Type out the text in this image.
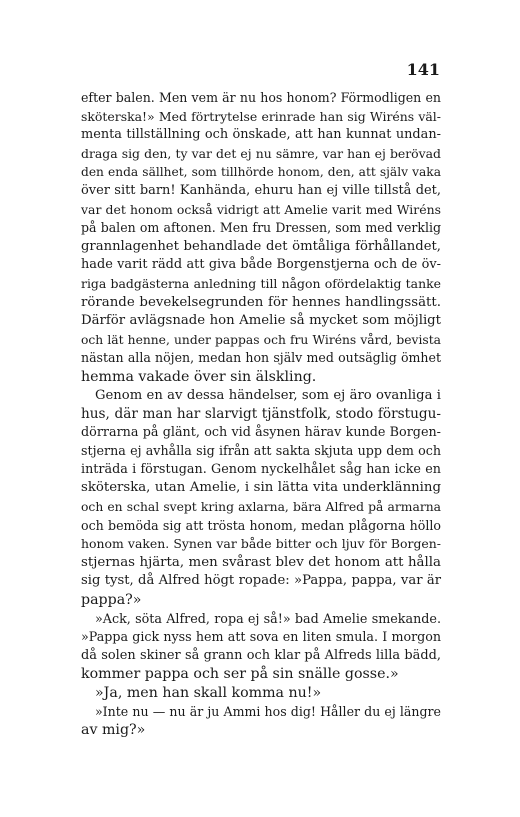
141
efter balen. Men vem är nu hos honom? Förmodligen en
sköterska!» Med förtrytelse erinrade han sig Wiréns väl-
menta tillställning och önskade, att han kunnat undan-
draga sig den, ty var det ej nu sämre, var han ej berövad
den enda sällhet, som tillhörde honom, den, att själv vaka
över sitt barn! Kanhända, ehuru han ej ville tillstå det,
var det honom också vidrigt att Amelie varit med Wiréns
på balen om aftonen. Men fru Dressen, som med verklig
grannlagenhet behandlade det ömtåliga förhållandet,
hade varit rädd att giva både Borgenstjerna och de öv-
riga badgästerna anledning till någon ofördelaktig tanke
rörande bevekelsegrunden för hennes handlingssätt.
Därför avlägsnade hon Amelie så mycket som möjligt
och lät henne, under pappas och fru Wiréns vård, bevista
nästan alla nöjen, medan hon själv med outsäglig ömhet
hemma vakade över sin älskling.
Genom en av dessa händelser, som ej äro ovanliga i
hus, där man har slarvigt tjänstfolk, stodo förstugu-
dörrarna på glänt, och vid åsynen härav kunde Borgen-
stjerna ej avhålla sig ifrån att sakta skjuta upp dem och
inträda i förstugan. Genom nyckelhålet såg han icke en
sköterska, utan Amelie, i sin lätta vita underklänning
och en schal svept kring axlarna, bära Alfred på armarna
och bemöda sig att trösta honom, medan plågorna höllo
honom vaken. Synen var både bitter och ljuv för Borgen-
stjernas hjärta, men svårast blev det honom att hålla
sig tyst, då Alfred högt ropade: »Pappa, pappa, var är
pappa?»
»Ack, söta Alfred, ropa ej så!» bad Amelie smekande.
»Pappa gick nyss hem att sova en liten smula. I morgon
då solen skiner så grann och klar på Alfreds lilla bädd,
kommer pappa och ser på sin snälle gosse.»
»Ja, men han skall komma nu!»
»Inte nu — nu är ju Ammi hos dig! Håller du ej längre
av mig?»
